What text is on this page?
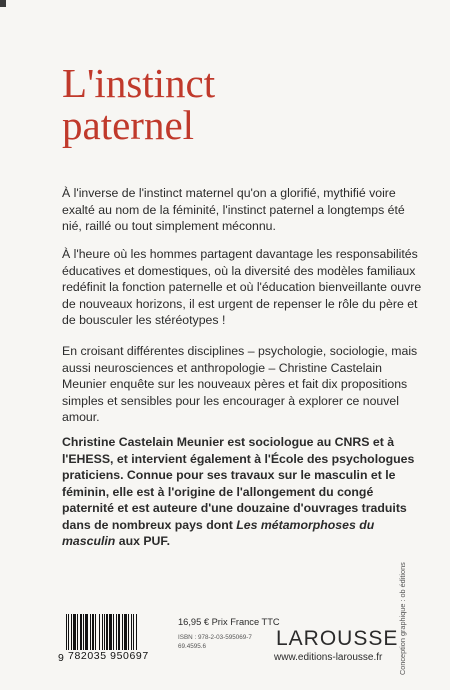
L'instinct
paternel

À l'inverse de l'instinct maternel qu'on a glorifié, mythifié voire exalté au nom de la féminité, l'instinct paternel a longtemps été nié, raillé ou tout simplement méconnu.

À l'heure où les hommes partagent davantage les responsabilités éducatives et domestiques, où la diversité des modèles familiaux redéfinit la fonction paternelle et où l'éducation bienveillante ouvre de nouveaux horizons, il est urgent de repenser le rôle du père et de bousculer les stéréotypes !

En croisant différentes disciplines – psychologie, sociologie, mais aussi neurosciences et anthropologie – Christine Castelain Meunier enquête sur les nouveaux pères et fait dix propositions simples et sensibles pour les encourager à explorer ce nouvel amour.

Christine Castelain Meunier est sociologue au CNRS et à l'EHESS, et intervient également à l'École des psychologues praticiens. Connue pour ses travaux sur le masculin et le féminin, elle est à l'origine de l'allongement du congé paternité et est auteure d'une douzaine d'ouvrages traduits dans de nombreux pays dont Les métamorphoses du masculin aux PUF.

Conception graphique : ob éditions
9 782035 950697
16,95 € Prix France TTC
ISBN : 978-2-03-595069-7
69.4595.6	LAROUSSE
www.editions-larousse.fr
